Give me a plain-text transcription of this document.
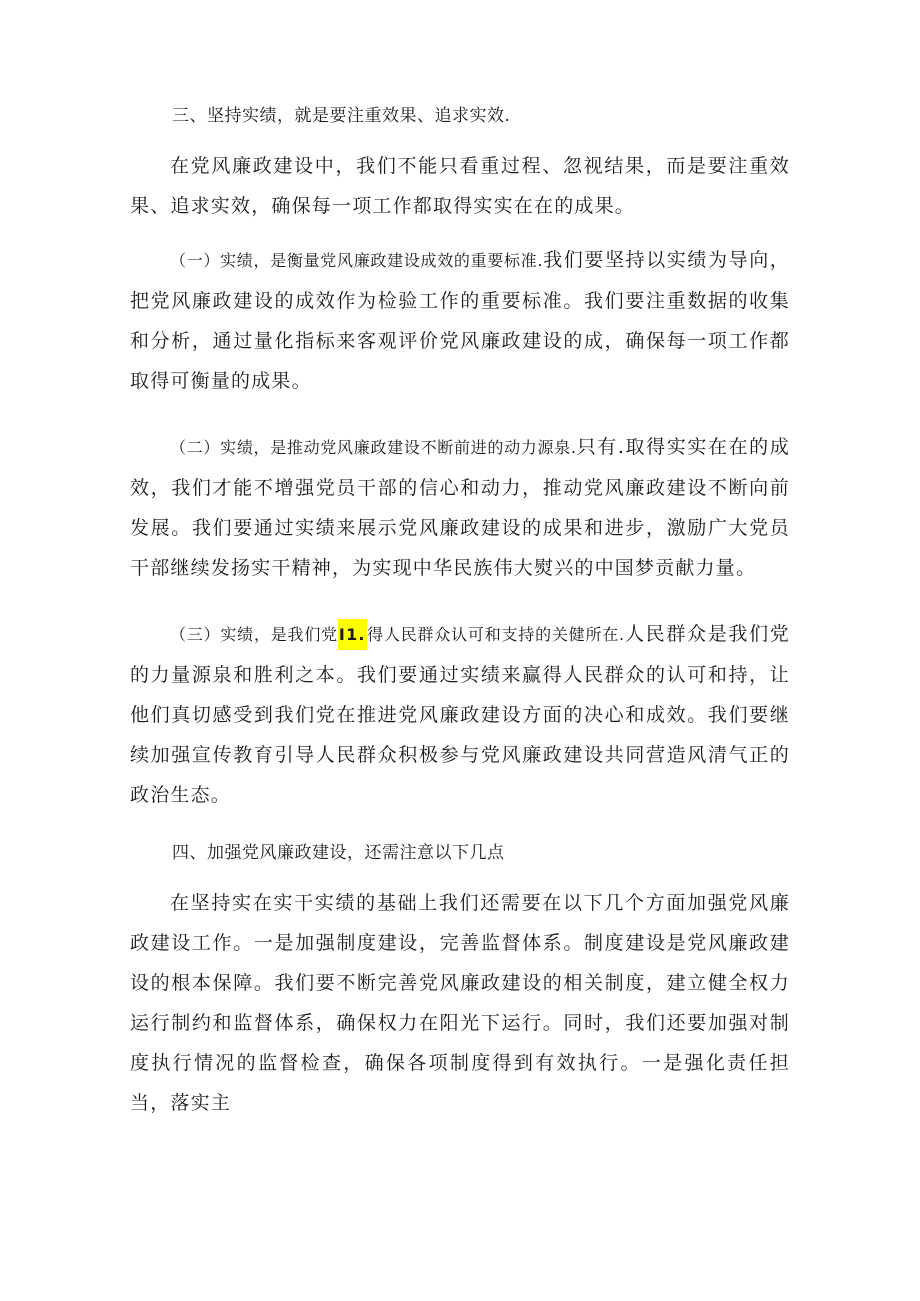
三、坚持实绩，就是要注重效果、追求实效.

在党风廉政建设中，我们不能只看重过程、忽视结果，而是要注重效果、追求实效，确保每一项工作都取得实实在在的成果。

（一）实绩，是衡量党风廉政建设成效的重要标准.我们要坚持以实绩为导向，把党风廉政建设的成效作为检验工作的重要标准。我们要注重数据的收集和分析，通过量化指标来客观评价党风廉政建设的成，确保每一项工作都取得可衡量的成果。

（二）实绩，是推动党风廉政建设不断前进的动力源泉.只有.取得实实在在的成效，我们才能不增强党员干部的信心和动力，推动党风廉政建设不断向前发展。我们要通过实绩来展示党风廉政建设的成果和进步，激励广大党员干部继续发扬实干精神，为实现中华民族伟大熨兴的中国梦贡献力量。

（三）实绩，是我们党I1.得人民群众认可和支持的关健所在.人民群众是我们党的力量源泉和胜利之本。我们要通过实绩来赢得人民群众的认可和持，让他们真切感受到我们党在推进党风廉政建设方面的决心和成效。我们要继续加强宣传教育引导人民群众积极参与党风廉政建设共同营造风清气正的政治生态。

四、加强党风廉政建设，还需注意以下几点

在坚持实在实干实绩的基础上我们还需要在以下几个方面加强党风廉政建设工作。一是加强制度建设，完善监督体系。制度建设是党风廉政建设的根本保障。我们要不断完善党风廉政建设的相关制度，建立健全权力运行制约和监督体系，确保权力在阳光下运行。同时，我们还要加强对制度执行情况的监督检查，确保各项制度得到有效执行。一是强化责任担当，落实主
